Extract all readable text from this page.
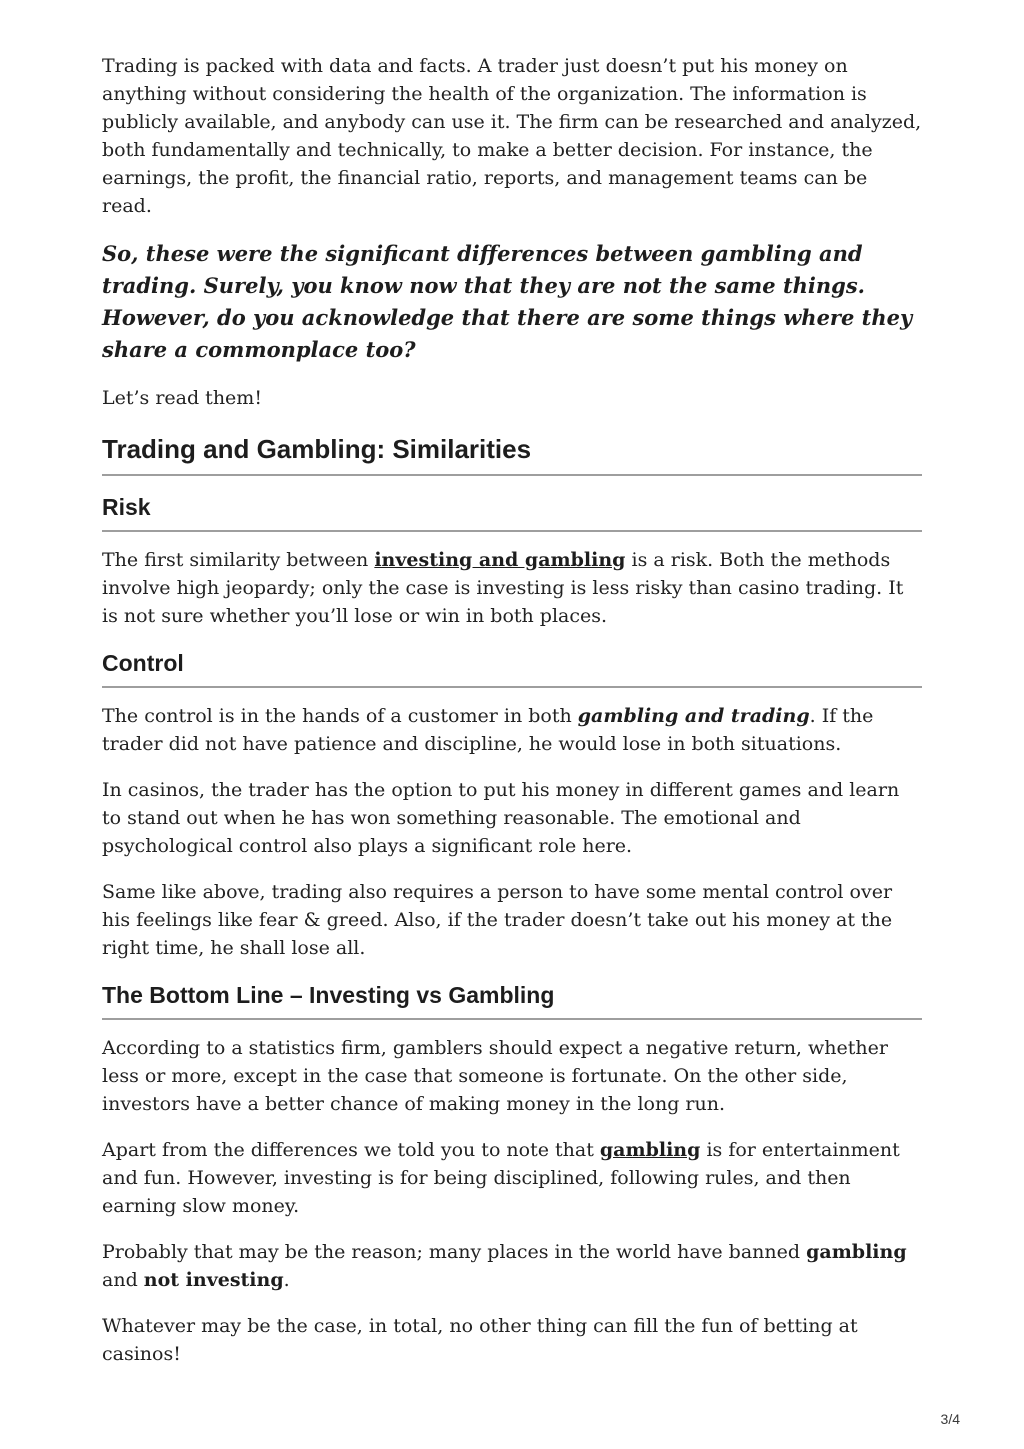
Trading is packed with data and facts. A trader just doesn’t put his money on anything without considering the health of the organization. The information is publicly available, and anybody can use it. The firm can be researched and analyzed, both fundamentally and technically, to make a better decision. For instance, the earnings, the profit, the financial ratio, reports, and management teams can be read.

So, these were the significant differences between gambling and trading. Surely, you know now that they are not the same things. However, do you acknowledge that there are some things where they share a commonplace too?

Let’s read them!

Trading and Gambling: Similarities
Risk

The first similarity between investing and gambling is a risk. Both the methods involve high jeopardy; only the case is investing is less risky than casino trading. It is not sure whether you’ll lose or win in both places.

Control

The control is in the hands of a customer in both gambling and trading. If the trader did not have patience and discipline, he would lose in both situations.

In casinos, the trader has the option to put his money in different games and learn to stand out when he has won something reasonable. The emotional and psychological control also plays a significant role here.

Same like above, trading also requires a person to have some mental control over his feelings like fear & greed. Also, if the trader doesn’t take out his money at the right time, he shall lose all.

The Bottom Line – Investing vs Gambling

According to a statistics firm, gamblers should expect a negative return, whether less or more, except in the case that someone is fortunate. On the other side, investors have a better chance of making money in the long run.

Apart from the differences we told you to note that gambling is for entertainment and fun. However, investing is for being disciplined, following rules, and then earning slow money.

Probably that may be the reason; many places in the world have banned gambling and not investing.

Whatever may be the case, in total, no other thing can fill the fun of betting at casinos!

3/4
